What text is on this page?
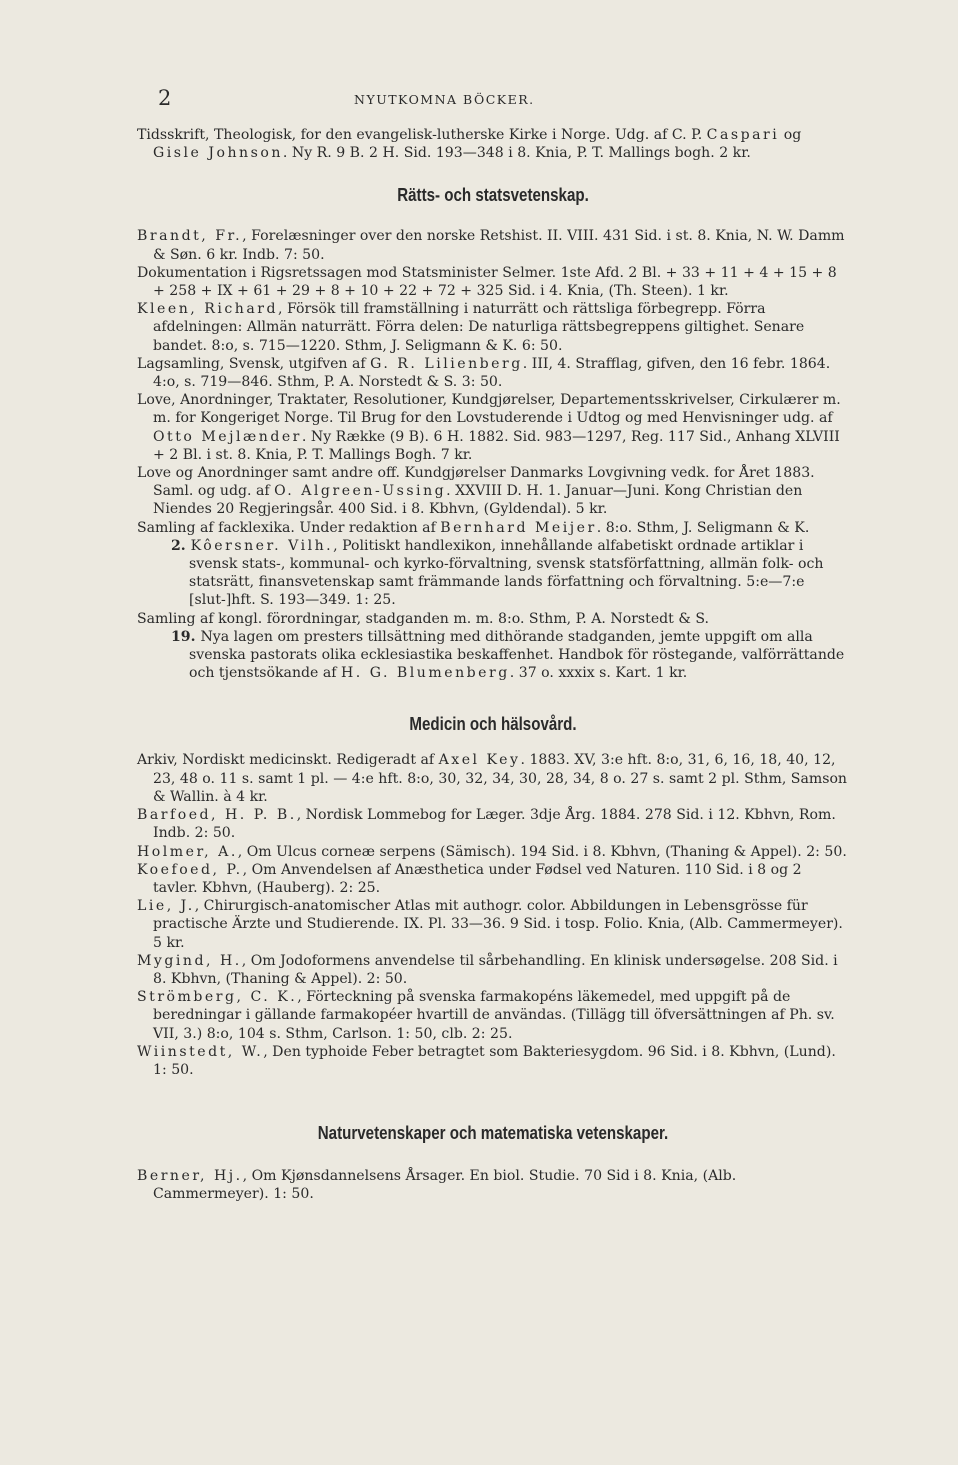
2	NYUTKOMNA BÖCKER.

Tidsskrift, Theologisk, for den evangelisk-lutherske Kirke i Norge. Udg. af C. P. Caspari og Gisle Johnson. Ny R. 9 B. 2 H. Sid. 193—348 i 8. Knia, P. T. Mallings bogh. 2 kr.

Rätts- och statsvetenskap.

Brandt, Fr., Forelæsninger over den norske Retshist. II. VIII. 431 Sid. i st. 8. Knia, N. W. Damm & Søn. 6 kr. Indb. 7: 50.

Dokumentation i Rigsretssagen mod Statsminister Selmer. 1ste Afd. 2 Bl. + 33 + 11 + 4 + 15 + 8 + 258 + IX + 61 + 29 + 8 + 10 + 22 + 72 + 325 Sid. i 4. Knia, (Th. Steen). 1 kr.

Kleen, Richard, Försök till framställning i naturrätt och rättsliga förbegrepp. Förra afdelningen: Allmän naturrätt. Förra delen: De naturliga rättsbegreppens giltighet. Senare bandet. 8:o, s. 715—1220. Sthm, J. Seligmann & K. 6: 50.

Lagsamling, Svensk, utgifven af G. R. Lilienberg. III, 4. Strafflag, gifven, den 16 febr. 1864. 4:o, s. 719—846. Sthm, P. A. Norstedt & S. 3: 50.

Love, Anordninger, Traktater, Resolutioner, Kundgjørelser, Departementsskrivelser, Cirkulærer m. m. for Kongeriget Norge. Til Brug for den Lovstuderende i Udtog og med Henvisninger udg. af Otto Mejlænder. Ny Række (9 B). 6 H. 1882. Sid. 983—1297, Reg. 117 Sid., Anhang XLVIII + 2 Bl. i st. 8. Knia, P. T. Mallings Bogh. 7 kr.

Love og Anordninger samt andre off. Kundgjørelser Danmarks Lovgivning vedk. for Året 1883. Saml. og udg. af O. Algreen-Ussing. XXVIII D. H. 1. Januar—Juni. Kong Christian den Niendes 20 Regjeringsår. 400 Sid. i 8. Kbhvn, (Gyldendal). 5 kr.

Samling af facklexika. Under redaktion af Bernhard Meijer. 8:o. Sthm, J. Seligmann & K.

2. Kôersner. Vilh., Politiskt handlexikon, innehållande alfabetiskt ordnade artiklar i svensk stats-, kommunal- och kyrko-förvaltning, svensk statsförfattning, allmän folk- och statsrätt, finansvetenskap samt främmande lands författning och förvaltning. 5:e—7:e [slut-]hft. S. 193—349. 1: 25.

Samling af kongl. förordningar, stadganden m. m. 8:o. Sthm, P. A. Norstedt & S.

19. Nya lagen om presters tillsättning med dithörande stadganden, jemte uppgift om alla svenska pastorats olika ecklesiastika beskaffenhet. Handbok för röstegande, valförrättande och tjenstsökande af H. G. Blumenberg. 37 o. xxxix s. Kart. 1 kr.

Medicin och hälsovård.

Arkiv, Nordiskt medicinskt. Redigeradt af Axel Key. 1883. XV, 3:e hft. 8:o, 31, 6, 16, 18, 40, 12, 23, 48 o. 11 s. samt 1 pl. — 4:e hft. 8:o, 30, 32, 34, 30, 28, 34, 8 o. 27 s. samt 2 pl. Sthm, Samson & Wallin. à 4 kr.

Barfoed, H. P. B., Nordisk Lommebog for Læger. 3dje Årg. 1884. 278 Sid. i 12. Kbhvn, Rom. Indb. 2: 50.

Holmer, A., Om Ulcus corneæ serpens (Sämisch). 194 Sid. i 8. Kbhvn, (Thaning & Appel). 2: 50.

Koefoed, P., Om Anvendelsen af Anæsthetica under Fødsel ved Naturen. 110 Sid. i 8 og 2 tavler. Kbhvn, (Hauberg). 2: 25.

Lie, J., Chirurgisch-anatomischer Atlas mit authogr. color. Abbildungen in Lebensgrösse für practische Ärzte und Studierende. IX. Pl. 33—36. 9 Sid. i tosp. Folio. Knia, (Alb. Cammermeyer). 5 kr.

Mygind, H., Om Jodoformens anvendelse til sårbehandling. En klinisk undersøgelse. 208 Sid. i 8. Kbhvn, (Thaning & Appel). 2: 50.

Strömberg, C. K., Förteckning på svenska farmakopéns läkemedel, med uppgift på de beredningar i gällande farmakopéer hvartill de användas. (Tillägg till öfversättningen af Ph. sv. VII, 3.) 8:o, 104 s. Sthm, Carlson. 1: 50, clb. 2: 25.

Wiinstedt, W., Den typhoide Feber betragtet som Bakteriesygdom. 96 Sid. i 8. Kbhvn, (Lund). 1: 50.

Naturvetenskaper och matematiska vetenskaper.

Berner, Hj., Om Kjønsdannelsens Årsager. En biol. Studie. 70 Sid i 8. Knia, (Alb. Cammermeyer). 1: 50.
